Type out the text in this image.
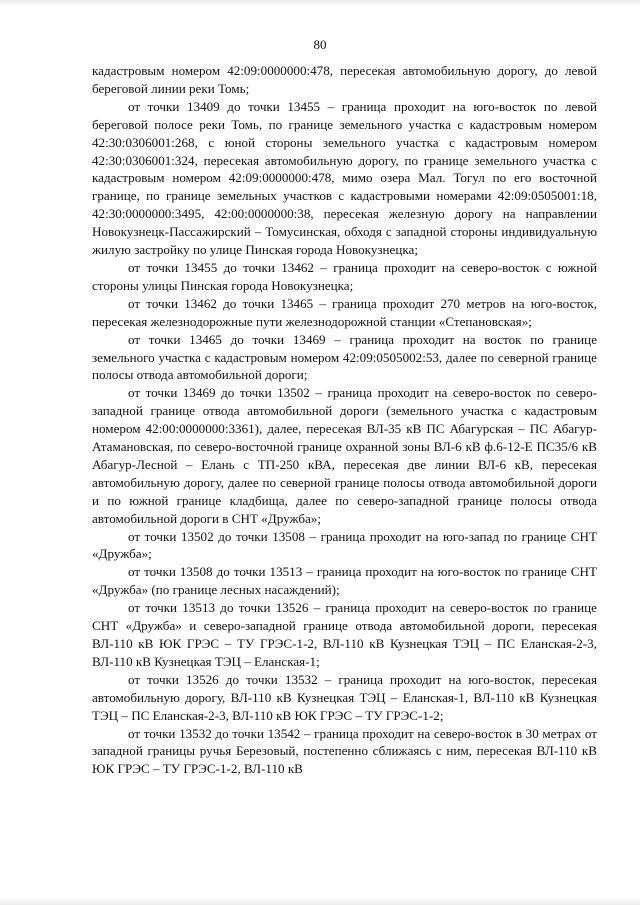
80

кадастровым номером 42:09:0000000:478, пересекая автомобильную дорогу, до левой береговой линии реки Томь;

от точки 13409 до точки 13455 – граница проходит на юго-восток по левой береговой полосе реки Томь, по границе земельного участка с кадастровым номером 42:30:0306001:268, с юной стороны земельного участка с кадастровым номером 42:30:0306001:324, пересекая автомобильную дорогу, по границе земельного участка с кадастровым номером 42:09:0000000:478, мимо озера Мал. Тогул по его восточной границе, по границе земельных участков с кадастровыми номерами 42:09:0505001:18, 42:30:0000000:3495, 42:00:0000000:38, пересекая железную дорогу на направлении Новокузнецк-Пассажирский – Томусинская, обходя с западной стороны индивидуальную жилую застройку по улице Пинская города Новокузнецка;

от точки 13455 до точки 13462 – граница проходит на северо-восток с южной стороны улицы Пинская города Новокузнецка;

от точки 13462 до точки 13465 – граница проходит 270 метров на юго-восток, пересекая железнодорожные пути железнодорожной станции «Степановская»;

от точки 13465 до точки 13469 – граница проходит на восток по границе земельного участка с кадастровым номером 42:09:0505002:53, далее по северной границе полосы отвода автомобильной дороги;

от точки 13469 до точки 13502 – граница проходит на северо-восток по северо-западной границе отвода автомобильной дороги (земельного участка с кадастровым номером 42:00:0000000:3361), далее, пересекая ВЛ-35 кВ ПС Абагурская – ПС Абагур-Атамановская, по северо-восточной границе охранной зоны ВЛ-6 кВ ф.6-12-Е ПС35/6 кВ Абагур-Лесной – Елань с ТП-250 кВА, пересекая две линии ВЛ-6 кВ, пересекая автомобильную дорогу, далее по северной границе полосы отвода автомобильной дороги и по южной границе кладбища, далее по северо-западной границе полосы отвода автомобильной дороги в СНТ «Дружба»;

от точки 13502 до точки 13508 – граница проходит на юго-запад по границе СНТ «Дружба»;

от точки 13508 до точки 13513 – граница проходит на юго-восток по границе СНТ «Дружба» (по границе лесных насаждений);

от точки 13513 до точки 13526 – граница проходит на северо-восток по границе СНТ «Дружба» и северо-западной границе отвода автомобильной дороги, пересекая ВЛ-110 кВ ЮК ГРЭС – ТУ ГРЭС-1-2, ВЛ-110 кВ Кузнецкая ТЭЦ – ПС Еланская-2-3, ВЛ-110 кВ Кузнецкая ТЭЦ – Еланская-1;

от точки 13526 до точки 13532 – граница проходит на юго-восток, пересекая автомобильную дорогу, ВЛ-110 кВ Кузнецкая ТЭЦ – Еланская-1, ВЛ-110 кВ Кузнецкая ТЭЦ – ПС Еланская-2-3, ВЛ-110 кВ ЮК ГРЭС – ТУ ГРЭС-1-2;

от точки 13532 до точки 13542 – граница проходит на северо-восток в 30 метрах от западной границы ручья Березовый, постепенно сближаясь с ним, пересекая ВЛ-110 кВ ЮК ГРЭС – ТУ ГРЭС-1-2, ВЛ-110 кВ
